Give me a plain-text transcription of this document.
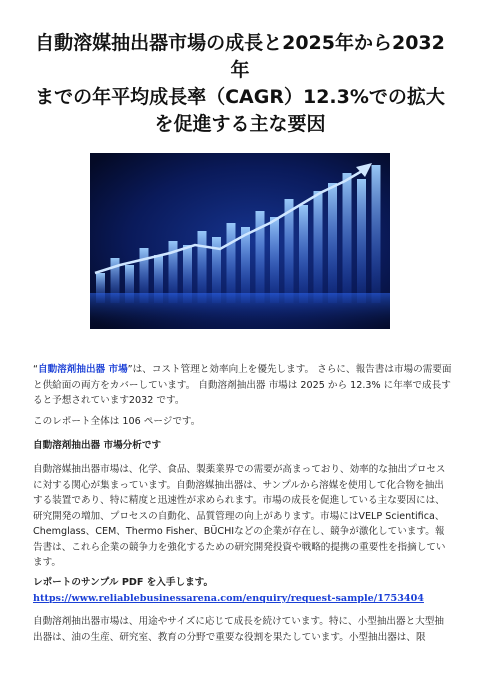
自動溶媒抽出器市場の成長と2025年から2032年
までの年平均成長率（CAGR）12.3%での拡大
を促進する主な要因
“自動溶剤抽出器 市場”は、コスト管理と効率向上を優先します。 さらに、報告書は市場の需要面と供給面の両方をカバーしています。 自動溶剤抽出器 市場は 2025 から 12.3% に年率で成長すると予想されています2032 です。
このレポート全体は 106 ページです。
自動溶剤抽出器 市場分析です
自動溶媒抽出器市場は、化学、食品、製薬業界での需要が高まっており、効率的な抽出プロセスに対する関心が集まっています。自動溶媒抽出器は、サンプルから溶媒を使用して化合物を抽出する装置であり、特に精度と迅速性が求められます。市場の成長を促進している主な要因には、研究開発の増加、プロセスの自動化、品質管理の向上があります。市場にはVELP Scientifica、Chemglass、CEM、Thermo Fisher、BÜCHIなどの企業が存在し、競争が激化しています。報告書は、これら企業の競争力を強化するための研究開発投資や戦略的提携の重要性を指摘しています。
レポートのサンプル PDF を入手します。 https://www.reliablebusinessarena.com/enquiry/request-sample/1753404
自動溶剤抽出器市場は、用途やサイズに応じて成長を続けています。特に、小型抽出器と大型抽出器は、油の生産、研究室、教育の分野で重要な役割を果たしています。小型抽出器は、限
